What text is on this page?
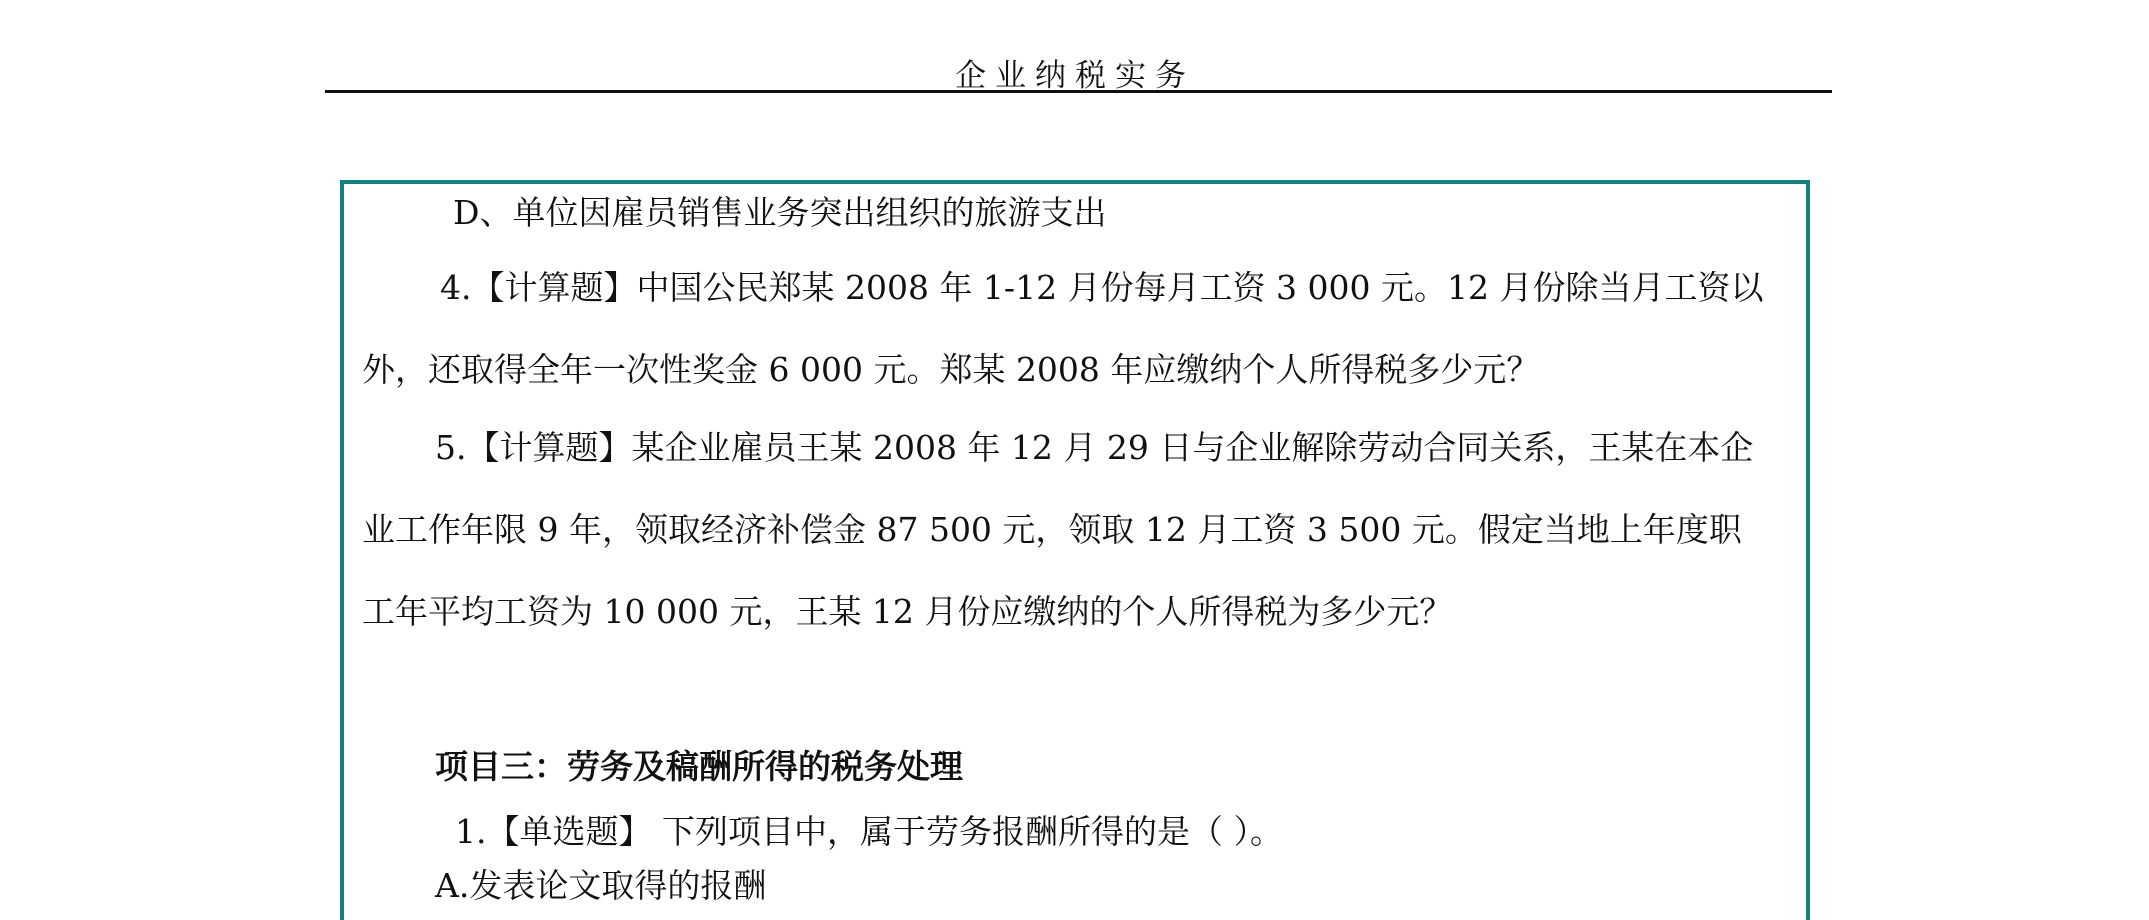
企业纳税实务
D、单位因雇员销售业务突出组织的旅游支出
4.【计算题】中国公民郑某 2008 年 1-12 月份每月工资 3 000 元。12 月份除当月工资以
外，还取得全年一次性奖金 6 000 元。郑某 2008 年应缴纳个人所得税多少元？
5.【计算题】某企业雇员王某 2008 年 12 月 29 日与企业解除劳动合同关系，王某在本企
业工作年限 9 年，领取经济补偿金 87 500 元，领取 12 月工资 3 500 元。假定当地上年度职
工年平均工资为 10 000 元，王某 12 月份应缴纳的个人所得税为多少元？
项目三：劳务及稿酬所得的税务处理
1.【单选题】 下列项目中，属于劳务报酬所得的是（ ）。
A.发表论文取得的报酬
